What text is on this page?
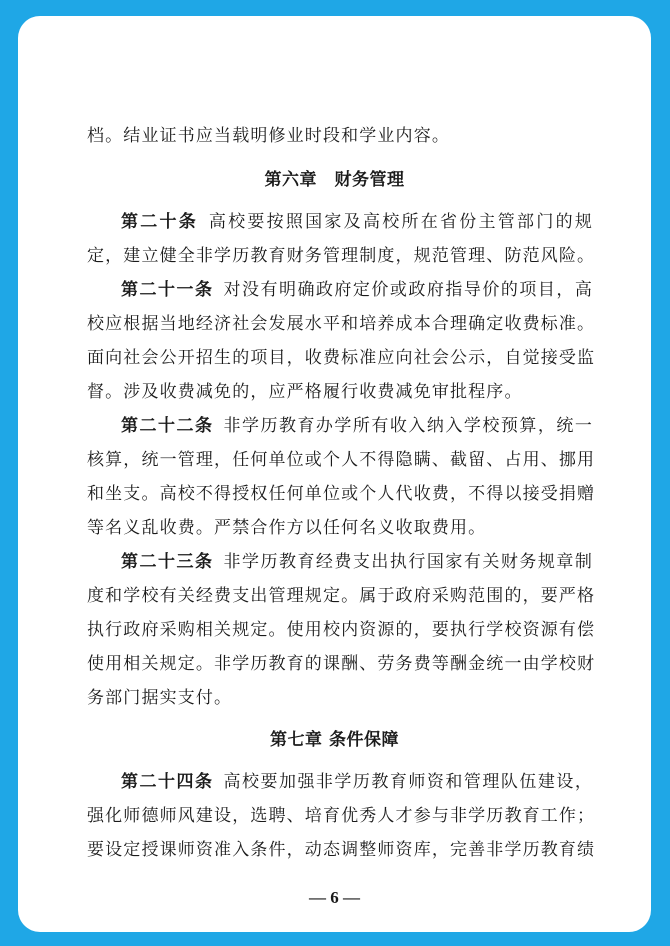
档。结业证书应当载明修业时段和学业内容。
第六章　财务管理
第二十条  高校要按照国家及高校所在省份主管部门的规
定，建立健全非学历教育财务管理制度，规范管理、防范风险。
第二十一条  对没有明确政府定价或政府指导价的项目，高
校应根据当地经济社会发展水平和培养成本合理确定收费标准。
面向社会公开招生的项目，收费标准应向社会公示，自觉接受监
督。涉及收费减免的，应严格履行收费减免审批程序。
第二十二条  非学历教育办学所有收入纳入学校预算，统一
核算，统一管理，任何单位或个人不得隐瞒、截留、占用、挪用
和坐支。高校不得授权任何单位或个人代收费，不得以接受捐赠
等名义乱收费。严禁合作方以任何名义收取费用。
第二十三条  非学历教育经费支出执行国家有关财务规章制
度和学校有关经费支出管理规定。属于政府采购范围的，要严格
执行政府采购相关规定。使用校内资源的，要执行学校资源有偿
使用相关规定。非学历教育的课酬、劳务费等酬金统一由学校财
务部门据实支付。
第七章 条件保障
第二十四条  高校要加强非学历教育师资和管理队伍建设，
强化师德师风建设，选聘、培育优秀人才参与非学历教育工作；
要设定授课师资准入条件，动态调整师资库，完善非学历教育绩
— 6 —
